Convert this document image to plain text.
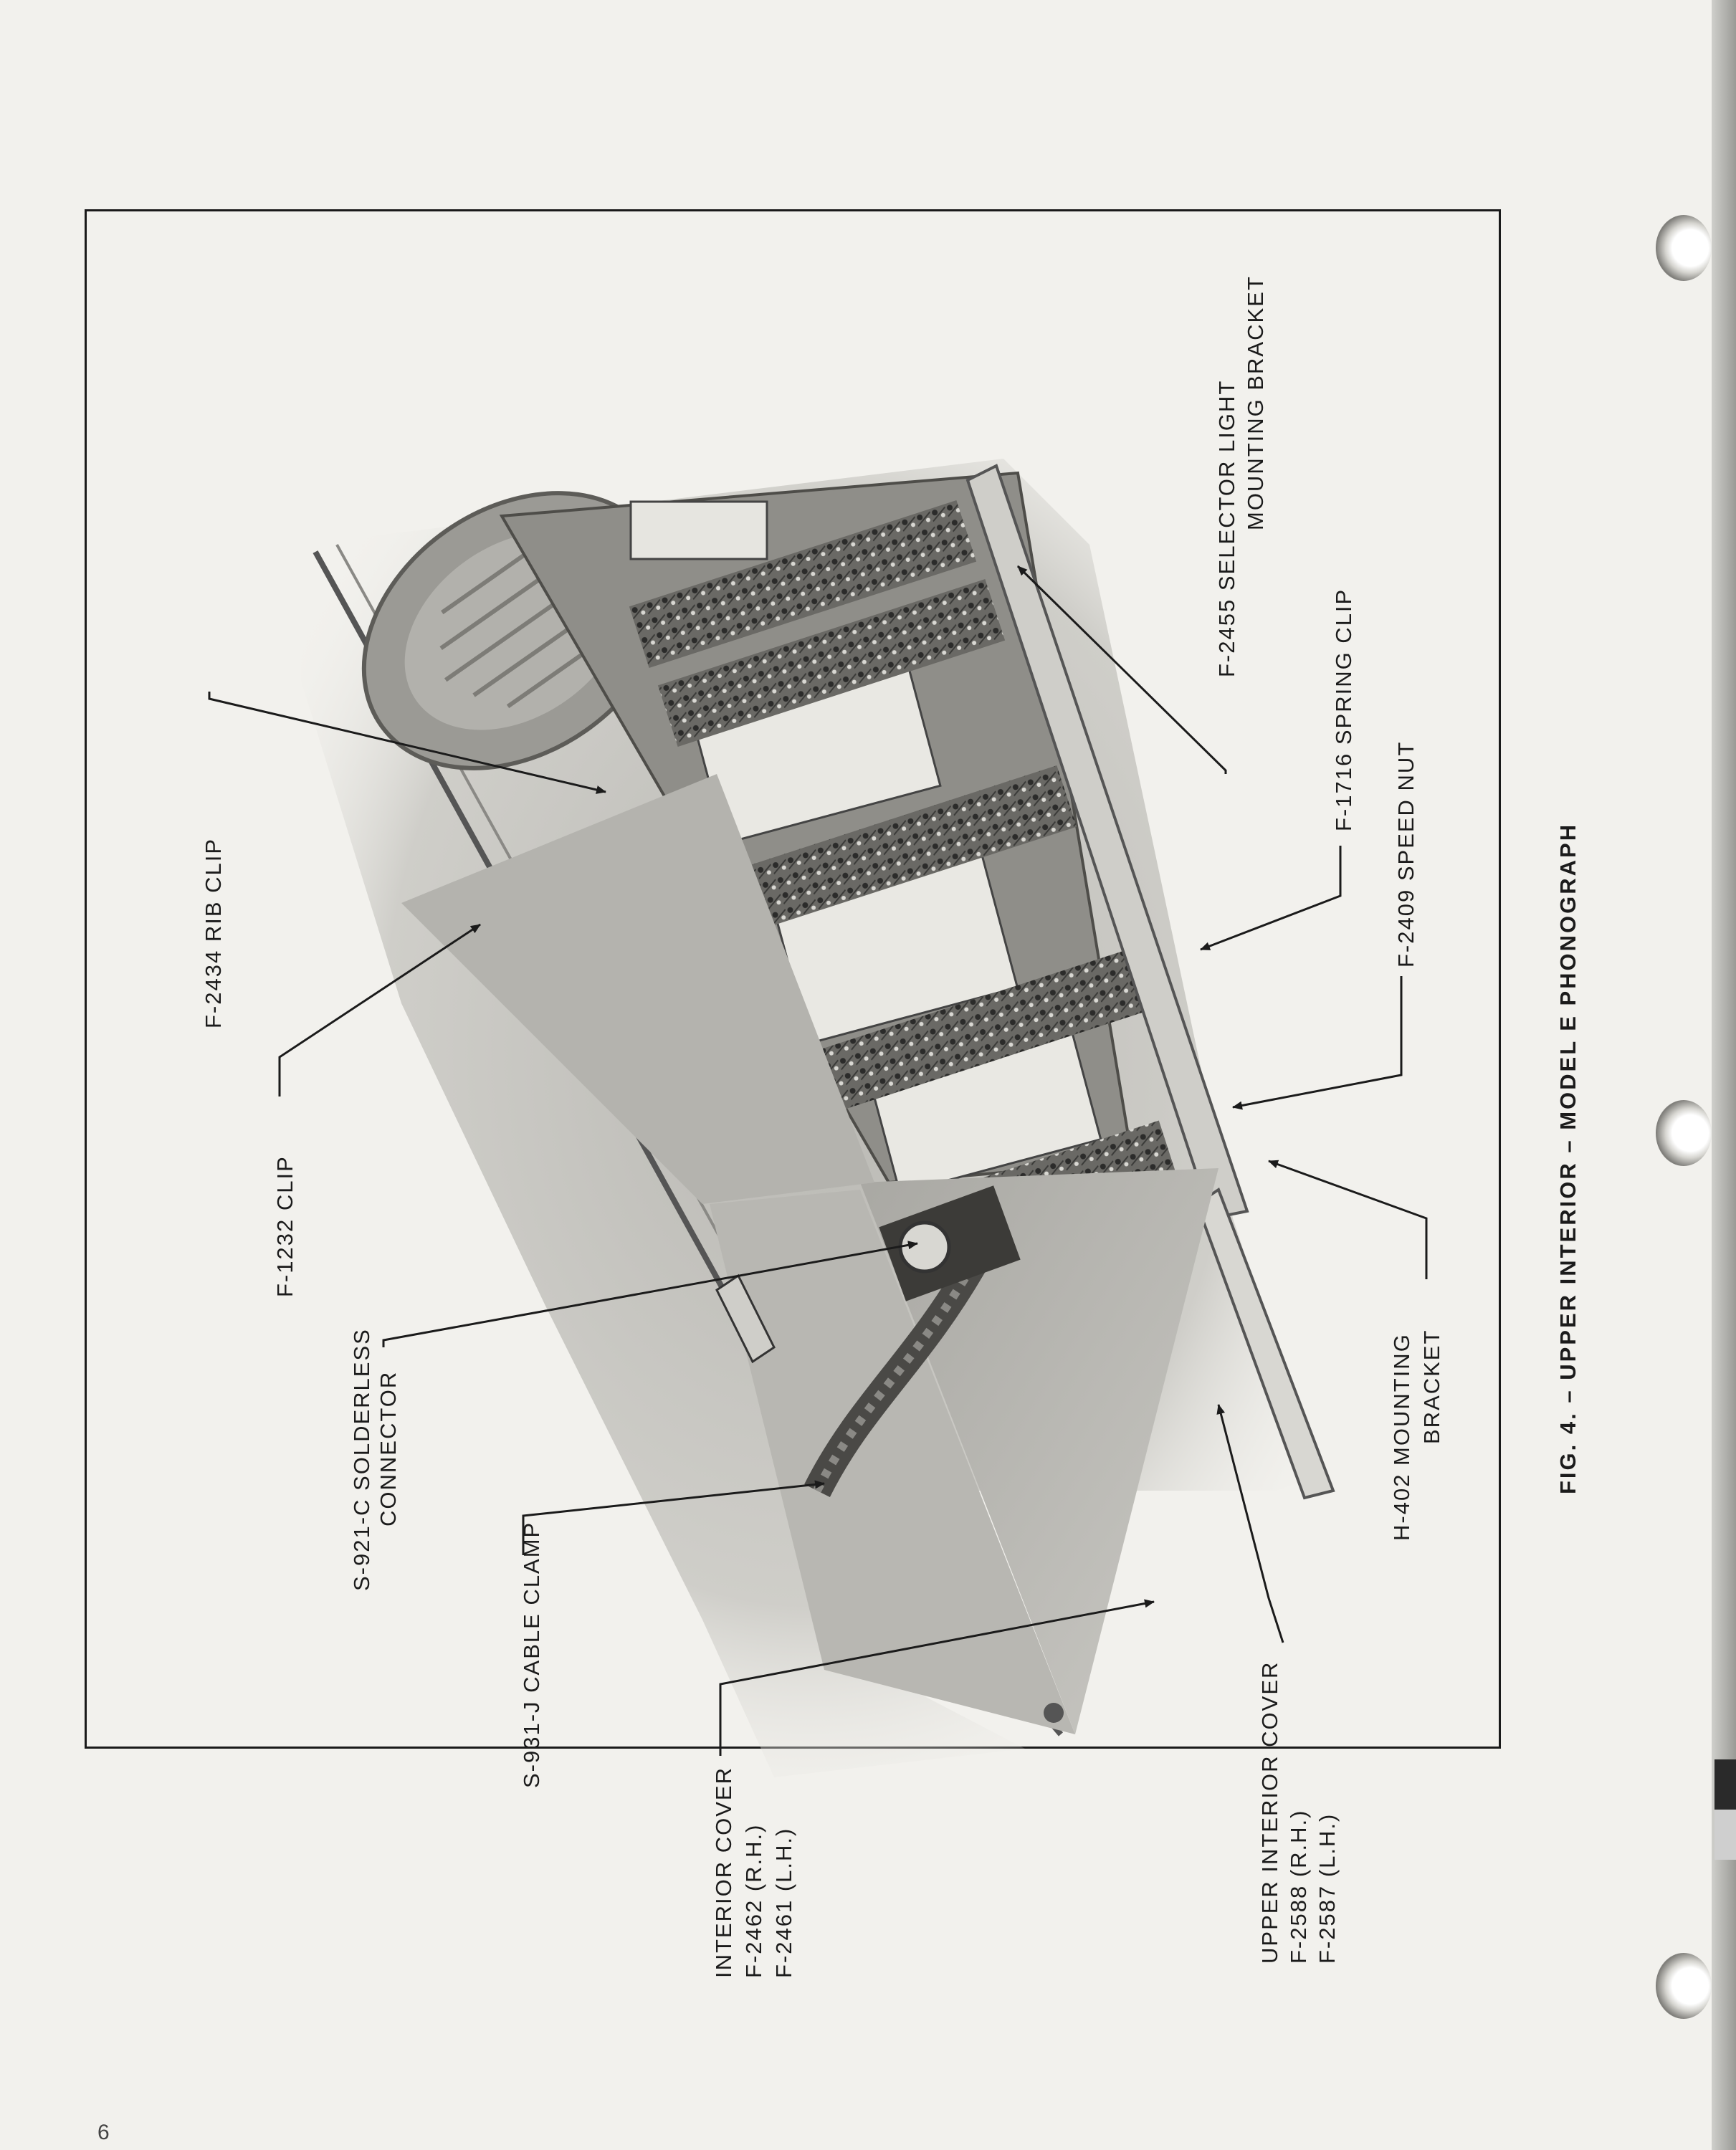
F-2434 RIB CLIP
F-1232 CLIP
S-921-C SOLDERLESS CONNECTOR
S-931-J CABLE CLAMP
INTERIOR COVER F-2462 (R.H.) F-2461 (L.H.)	UPPER INTERIOR COVER F-2588 (R.H.) F-2587 (L.H.)
H-402 MOUNTING BRACKET
F-2409 SPEED NUT
F-1716 SPRING CLIP
F-2455 SELECTOR LIGHT MOUNTING BRACKET
FIG. 4. – UPPER INTERIOR – MODEL E PHONOGRAPH
6
